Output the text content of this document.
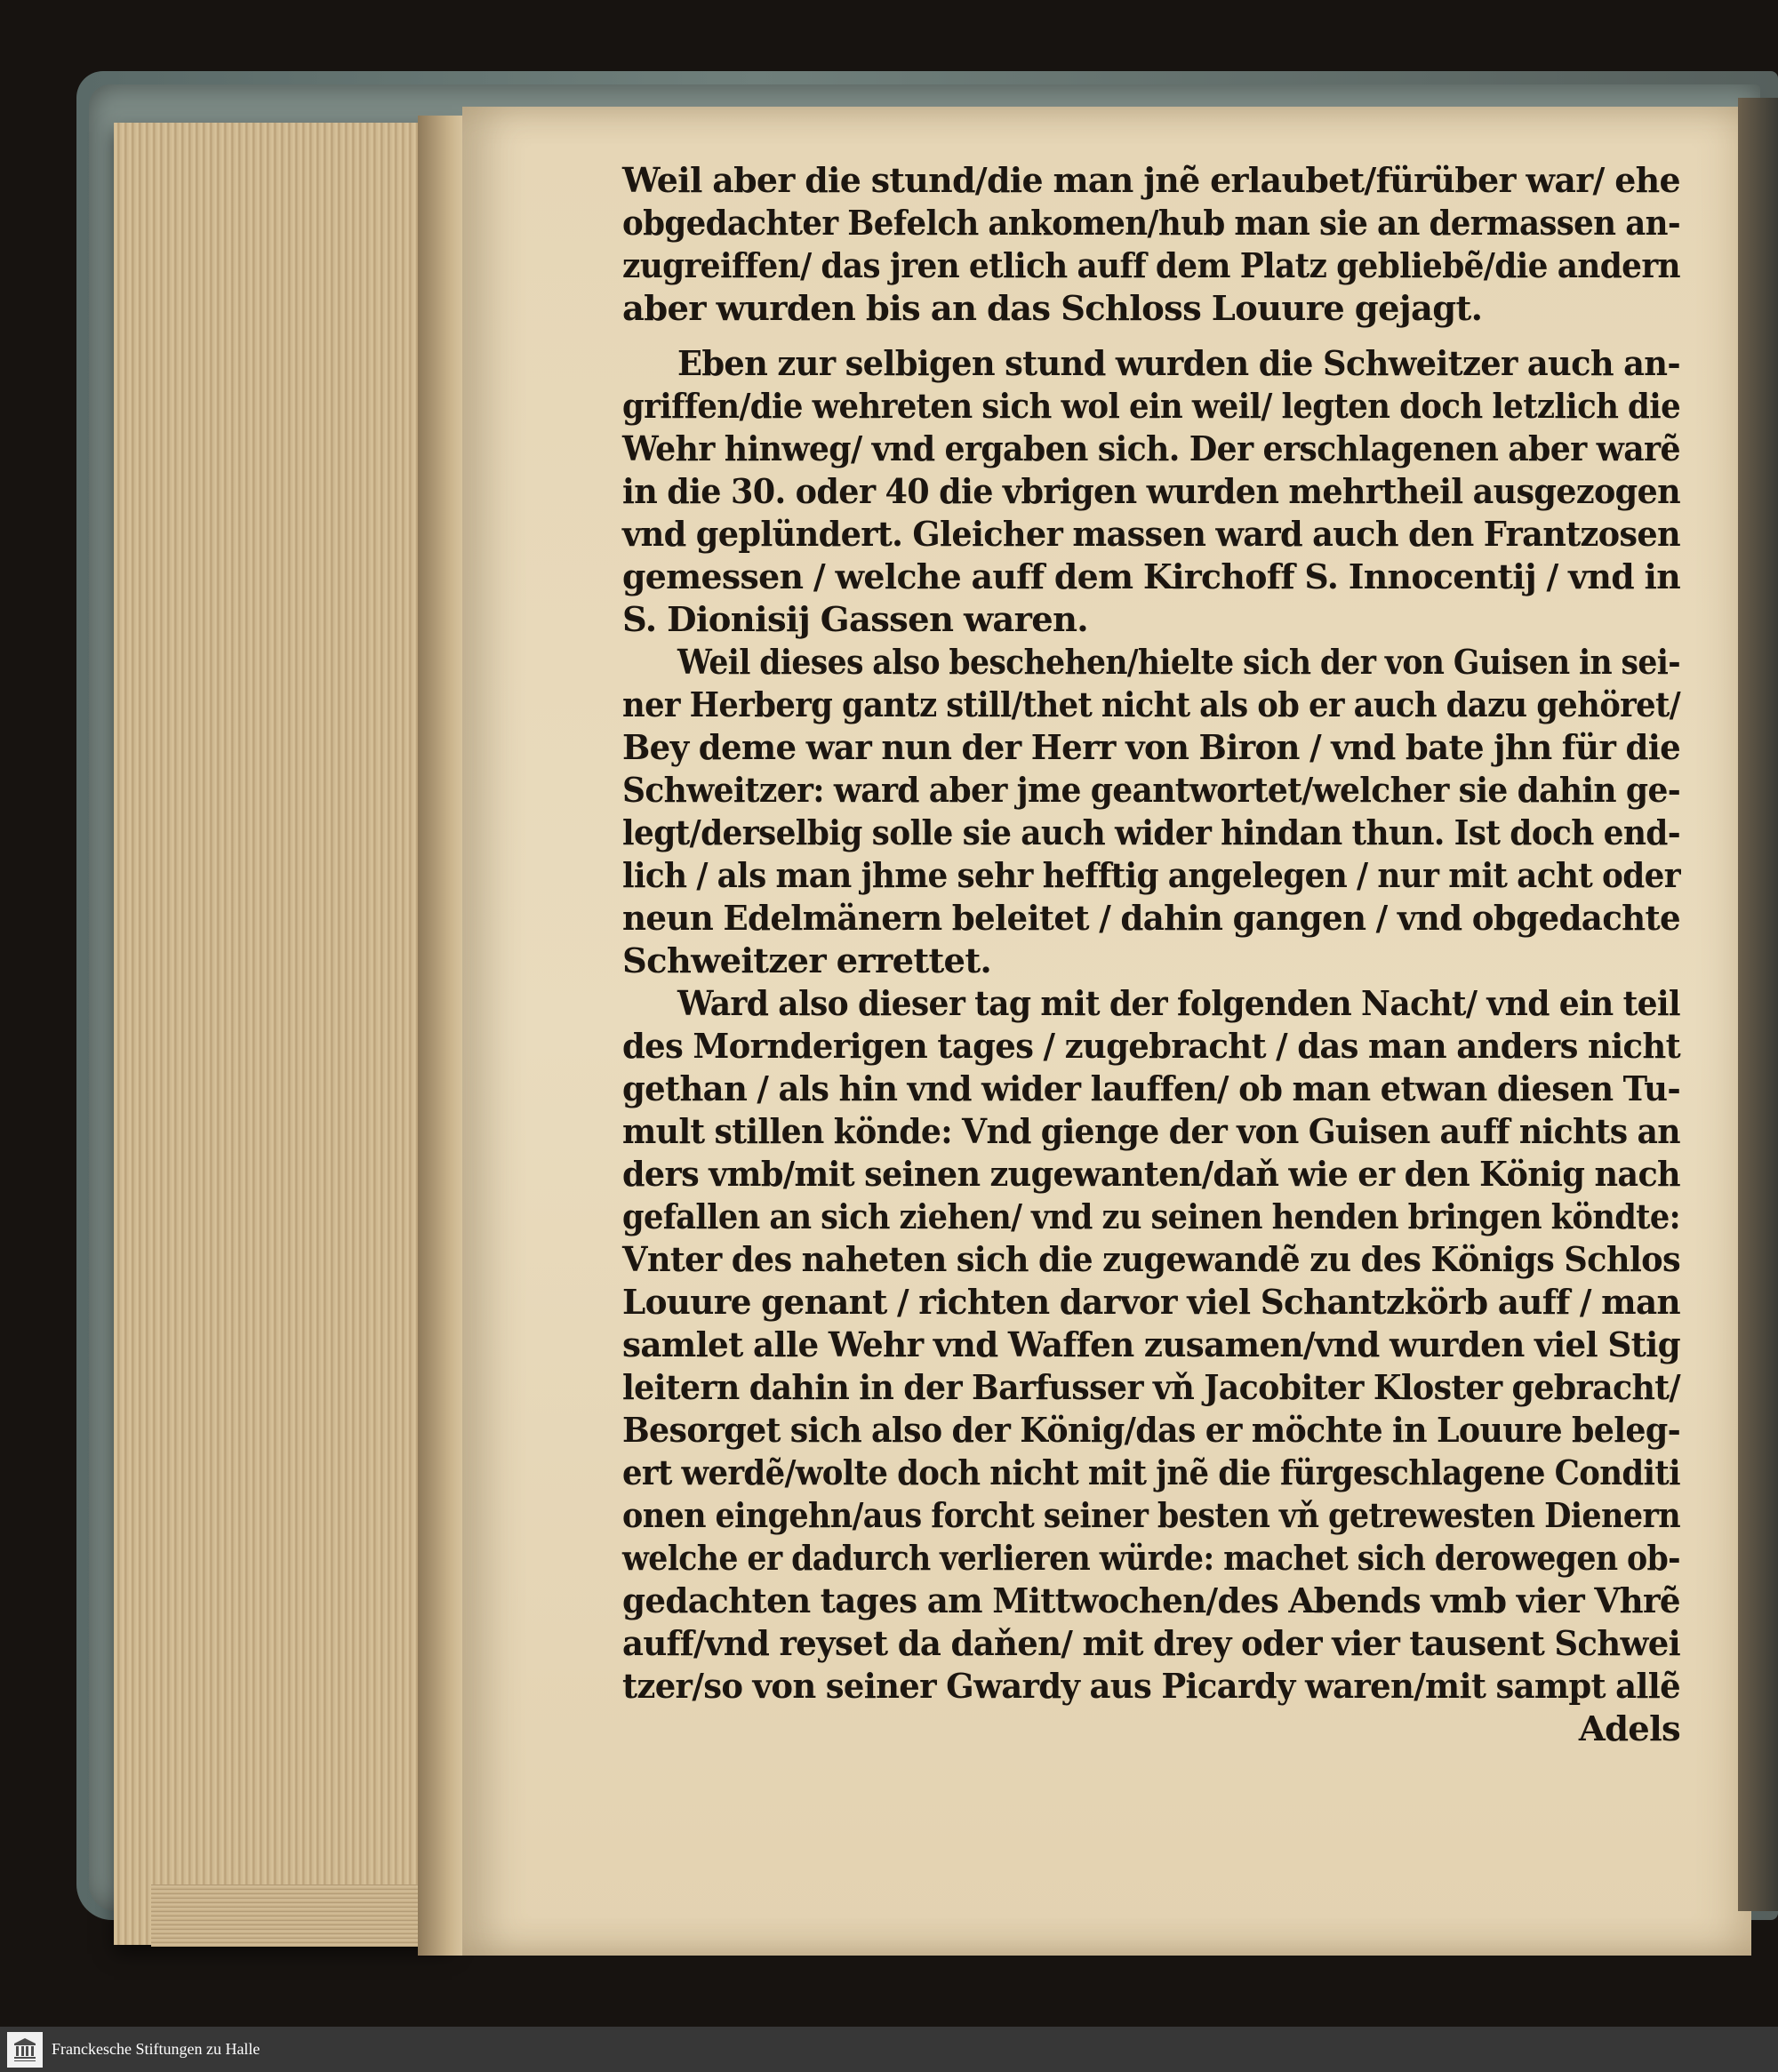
Weil aber die stund/die man jnẽ erlaubet/fürüber war/ ehe
obgedachter Befelch ankomen/hub man sie an dermassen an-
zugreiffen/ das jren etlich auff dem Platz gebliebẽ/die andern
aber wurden bis an das Schloss Louure gejagt.
Eben zur selbigen stund wurden die Schweitzer auch an-
griffen/die wehreten sich wol ein weil/ legten doch letzlich die
Wehr hinweg/ vnd ergaben sich. Der erschlagenen aber warẽ
in die 30. oder 40 die vbrigen wurden mehrtheil ausgezogen
vnd geplündert. Gleicher massen ward auch den Frantzosen
gemessen / welche auff dem Kirchoff S. Innocentij / vnd in
S. Dionisij Gassen waren.
Weil dieses also beschehen/hielte sich der von Guisen in sei-
ner Herberg gantz still/thet nicht als ob er auch dazu gehöret/
Bey deme war nun der Herr von Biron / vnd bate jhn für die
Schweitzer: ward aber jme geantwortet/welcher sie dahin ge-
legt/derselbig solle sie auch wider hindan thun. Ist doch end-
lich / als man jhme sehr hefftig angelegen / nur mit acht oder
neun Edelmänern beleitet / dahin gangen / vnd obgedachte
Schweitzer errettet.
Ward also dieser tag mit der folgenden Nacht/ vnd ein teil
des Mornderigen tages / zugebracht / das man anders nicht
gethan / als hin vnd wider lauffen/ ob man etwan diesen Tu-
mult stillen könde: Vnd gienge der von Guisen auff nichts an
ders vmb/mit seinen zugewanten/daň wie er den König nach
gefallen an sich ziehen/ vnd zu seinen henden bringen köndte:
Vnter des naheten sich die zugewandẽ zu des Königs Schlos
Louure genant / richten darvor viel Schantzkörb auff / man
samlet alle Wehr vnd Waffen zusamen/vnd wurden viel Stig
leitern dahin in der Barfusser vň Jacobiter Kloster gebracht/
Besorget sich also der König/das er möchte in Louure beleg-
ert werdẽ/wolte doch nicht mit jnẽ die fürgeschlagene Conditi
onen eingehn/aus forcht seiner besten vň getrewesten Dienern
welche er dadurch verlieren würde: machet sich derowegen ob-
gedachten tages am Mittwochen/des Abends vmb vier Vhrẽ
auff/vnd reyset da daňen/ mit drey oder vier tausent Schwei
tzer/so von seiner Gwardy aus Picardy waren/mit sampt allẽ
Adels
Franckesche Stiftungen zu Halle
